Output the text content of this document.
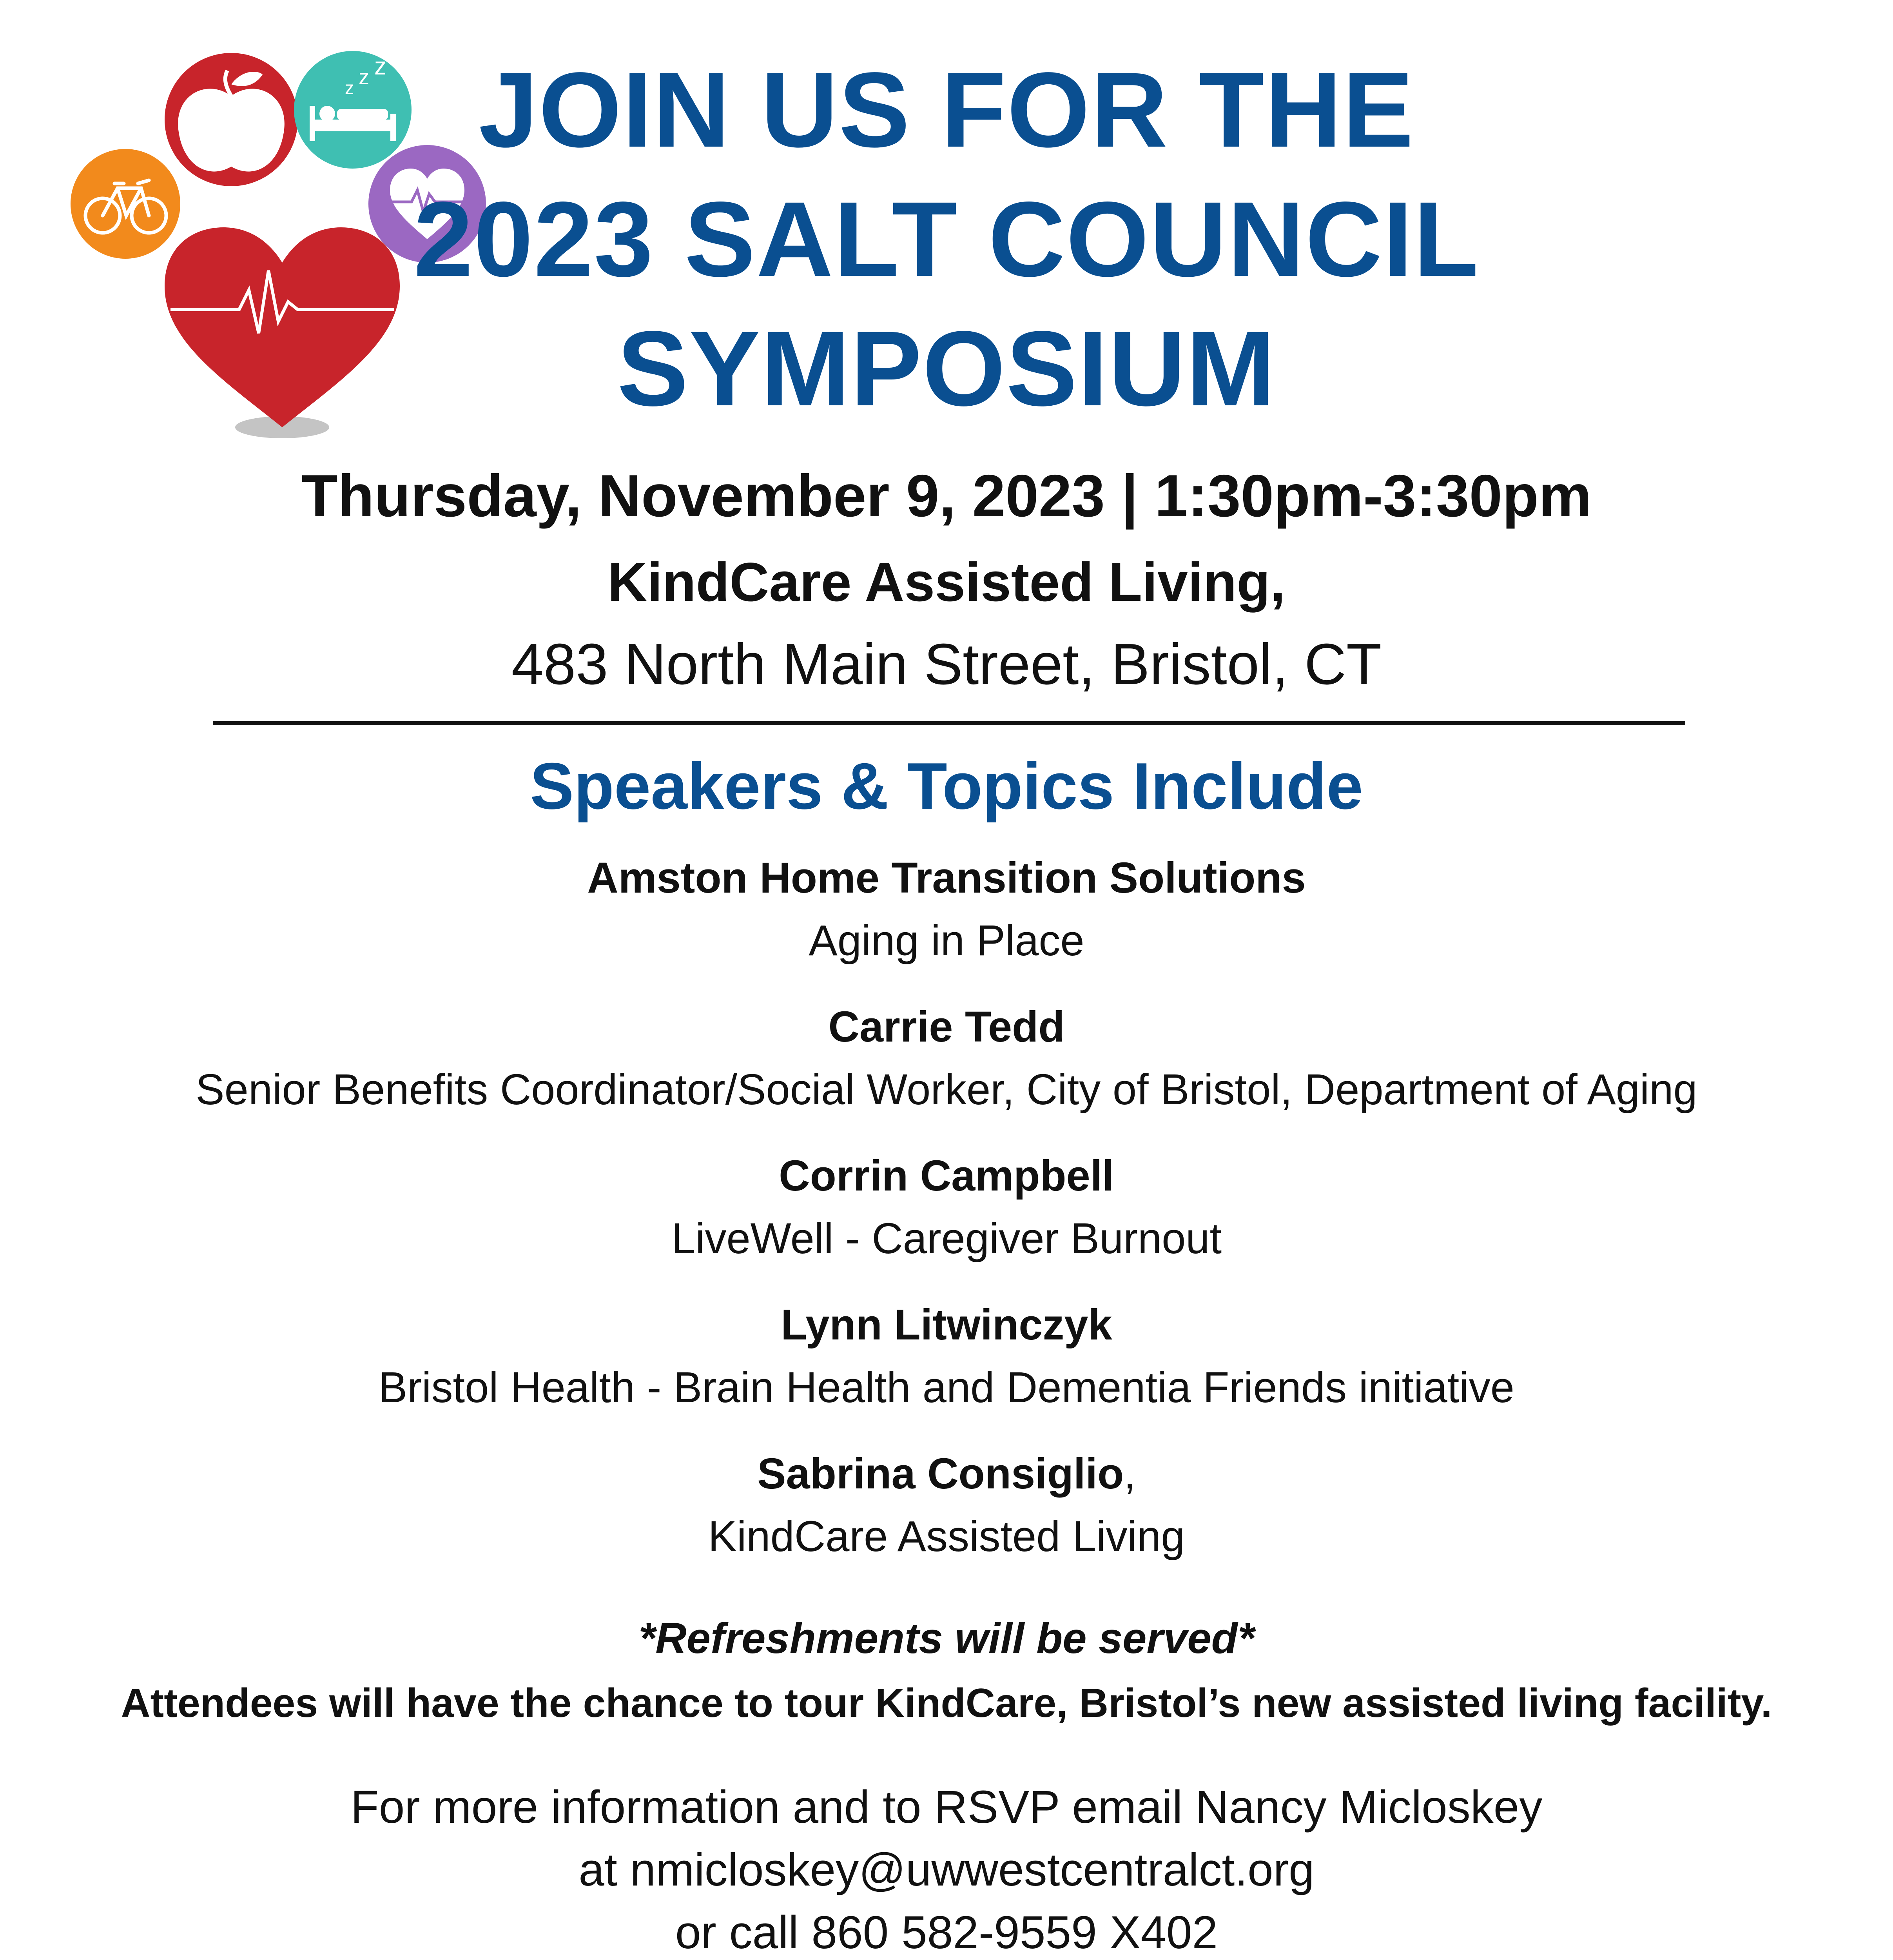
z z z JOIN US FOR THE
2023 SALT COUNCIL
SYMPOSIUM
Thursday, November 9, 2023 | 1:30pm-3:30pm
KindCare Assisted Living,
483 North Main Street, Bristol, CT
Speakers & Topics Include
Amston Home Transition Solutions
Aging in Place
Carrie Tedd
Senior Benefits Coordinator/Social Worker, City of Bristol, Department of Aging
Corrin Campbell
LiveWell - Caregiver Burnout
Lynn Litwinczyk
Bristol Health - Brain Health and Dementia Friends initiative
Sabrina Consiglio,
KindCare Assisted Living
*Refreshments will be served*
Attendees will have the chance to tour KindCare, Bristol’s new assisted living facility.
For more information and to RSVP email Nancy Micloskey
at nmicloskey@uwwestcentralct.org
or call 860 582-9559 X402
